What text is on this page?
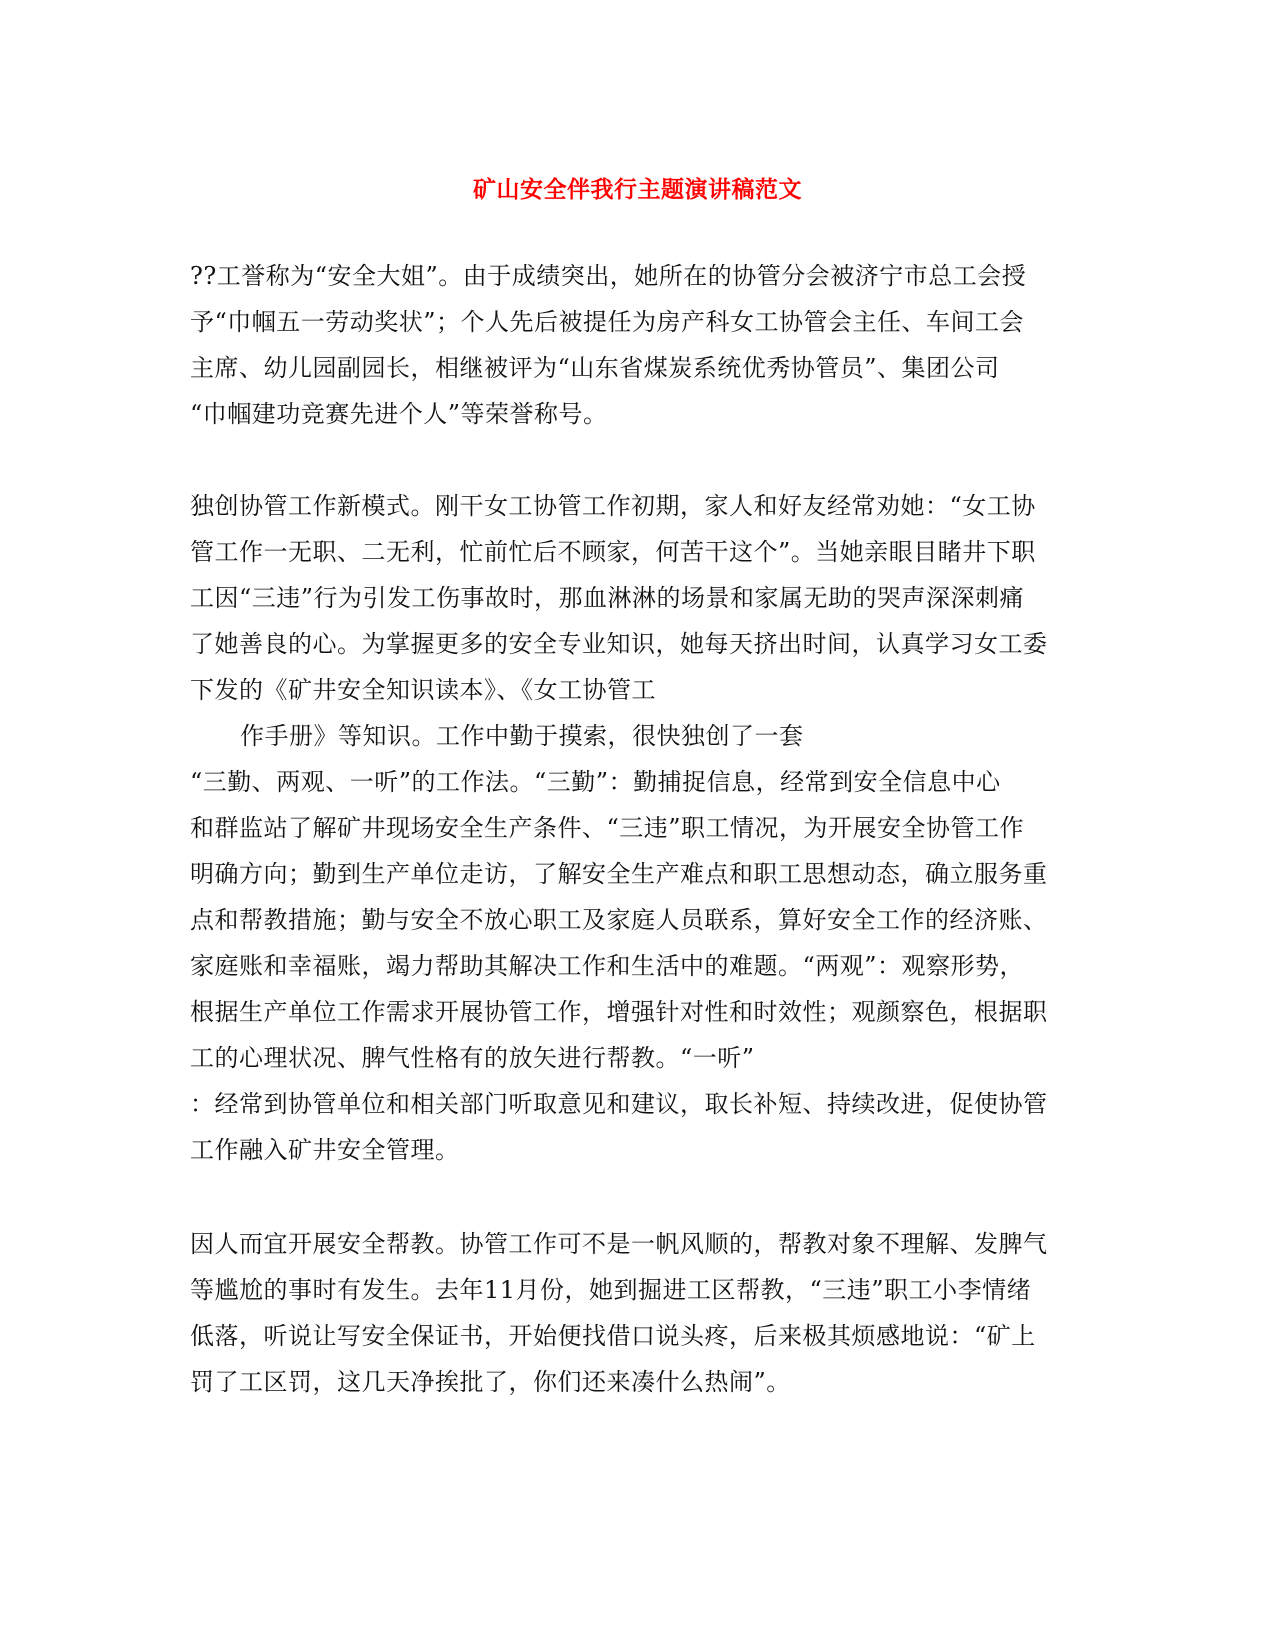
矿山安全伴我行主题演讲稿范文
??工誉称为“安全大姐”。由于成绩突出，她所在的协管分会被济宁市总工会授
予“巾帼五一劳动奖状”；个人先后被提任为房产科女工协管会主任、车间工会
主席、幼儿园副园长，相继被评为“山东省煤炭系统优秀协管员”、集团公司
“巾帼建功竞赛先进个人”等荣誉称号。
独创协管工作新模式。刚干女工协管工作初期，家人和好友经常劝她：“女工协
管工作一无职、二无利，忙前忙后不顾家，何苦干这个”。当她亲眼目睹井下职
工因“三违”行为引发工伤事故时，那血淋淋的场景和家属无助的哭声深深刺痛
了她善良的心。为掌握更多的安全专业知识，她每天挤出时间，认真学习女工委
下发的《矿井安全知识读本》、《女工协管工
作手册》等知识。工作中勤于摸索，很快独创了一套
“三勤、两观、一听”的工作法。“三勤”：勤捕捉信息，经常到安全信息中心
和群监站了解矿井现场安全生产条件、“三违”职工情况，为开展安全协管工作
明确方向；勤到生产单位走访，了解安全生产难点和职工思想动态，确立服务重
点和帮教措施；勤与安全不放心职工及家庭人员联系，算好安全工作的经济账、
家庭账和幸福账，竭力帮助其解决工作和生活中的难题。“两观”：观察形势，
根据生产单位工作需求开展协管工作，增强针对性和时效性；观颜察色，根据职
工的心理状况、脾气性格有的放矢进行帮教。“一听”
：经常到协管单位和相关部门听取意见和建议，取长补短、持续改进，促使协管
工作融入矿井安全管理。
因人而宜开展安全帮教。协管工作可不是一帆风顺的，帮教对象不理解、发脾气
等尴尬的事时有发生。去年11月份，她到掘进工区帮教，“三违”职工小李情绪
低落，听说让写安全保证书，开始便找借口说头疼，后来极其烦感地说：“矿上
罚了工区罚，这几天净挨批了，你们还来凑什么热闹”。
